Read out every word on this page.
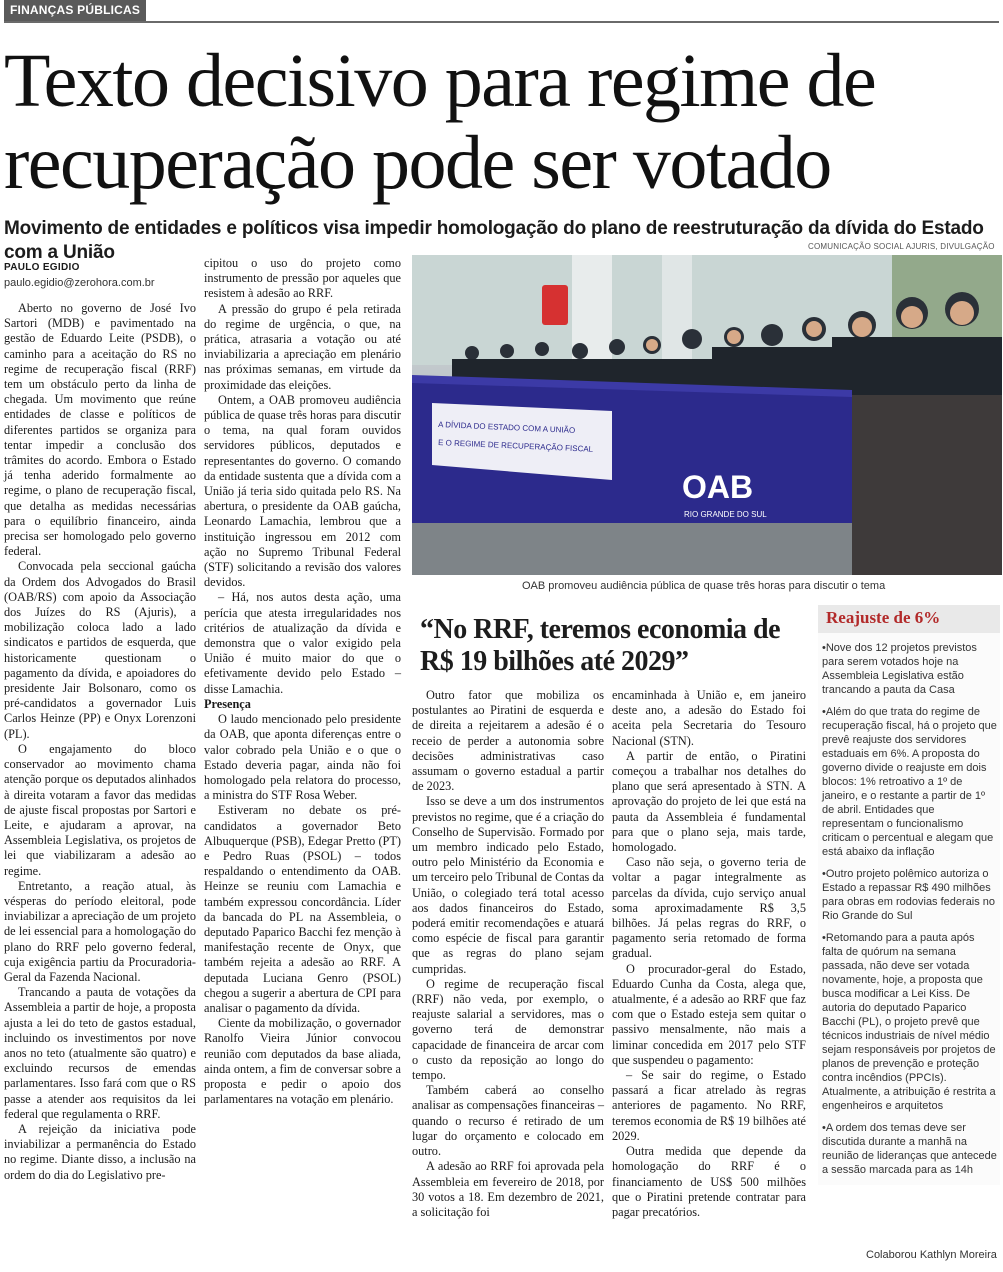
FINANÇAS PÚBLICAS
Texto decisivo para regime de recuperação pode ser votado
Movimento de entidades e políticos visa impedir homologação do plano de reestruturação da dívida do Estado com a União
PAULO EGIDIO
paulo.egidio@zerohora.com.br

Aberto no governo de José Ivo Sartori (MDB) e pavimentado na gestão de Eduardo Leite (PSDB), o caminho para a aceitação do RS no regime de recuperação fiscal (RRF) tem um obstáculo perto da linha de chegada. Um movimento que reúne entidades de classe e políticos de diferentes partidos se organiza para tentar impedir a conclusão dos trâmites do acordo. Embora o Estado já tenha aderido formalmente ao regime, o plano de recuperação fiscal, que detalha as medidas necessárias para o equilíbrio financeiro, ainda precisa ser homologado pelo governo federal.

Convocada pela seccional gaúcha da Ordem dos Advogados do Brasil (OAB/RS) com apoio da Associação dos Juízes do RS (Ajuris), a mobilização coloca lado a lado sindicatos e partidos de esquerda, que historicamente questionam o pagamento da dívida, e apoiadores do presidente Jair Bolsonaro, como os pré-candidatos a governador Luis Carlos Heinze (PP) e Onyx Lorenzoni (PL).

O engajamento do bloco conservador ao movimento chama atenção porque os deputados alinhados à direita votaram a favor das medidas de ajuste fiscal propostas por Sartori e Leite, e ajudaram a aprovar, na Assembleia Legislativa, os projetos de lei que viabilizaram a adesão ao regime.

Entretanto, a reação atual, às vésperas do período eleitoral, pode inviabilizar a apreciação de um projeto de lei essencial para a homologação do plano do RRF pelo governo federal, cuja exigência partiu da Procuradoria-Geral da Fazenda Nacional.

Trancando a pauta de votações da Assembleia a partir de hoje, a proposta ajusta a lei do teto de gastos estadual, incluindo os investimentos por nove anos no teto (atualmente são quatro) e excluindo recursos de emendas parlamentares. Isso fará com que o RS passe a atender aos requisitos da lei federal que regulamenta o RRF.

A rejeição da iniciativa pode inviabilizar a permanência do Estado no regime. Diante disso, a inclusão na ordem do dia do Legislativo pre-

cipitou o uso do projeto como instrumento de pressão por aqueles que resistem à adesão ao RRF.

A pressão do grupo é pela retirada do regime de urgência, o que, na prática, atrasaria a votação ou até inviabilizaria a apreciação em plenário nas próximas semanas, em virtude da proximidade das eleições.

Ontem, a OAB promoveu audiência pública de quase três horas para discutir o tema, na qual foram ouvidos servidores públicos, deputados e representantes do governo. O comando da entidade sustenta que a dívida com a União já teria sido quitada pelo RS. Na abertura, o presidente da OAB gaúcha, Leonardo Lamachia, lembrou que a instituição ingressou em 2012 com ação no Supremo Tribunal Federal (STF) solicitando a revisão dos valores devidos.

– Há, nos autos desta ação, uma perícia que atesta irregularidades nos critérios de atualização da dívida e demonstra que o valor exigido pela União é muito maior do que o efetivamente devido pelo Estado – disse Lamachia.

Presença

O laudo mencionado pelo presidente da OAB, que aponta diferenças entre o valor cobrado pela União e o que o Estado deveria pagar, ainda não foi homologado pela relatora do processo, a ministra do STF Rosa Weber.

Estiveram no debate os pré-candidatos a governador Beto Albuquerque (PSB), Edegar Pretto (PT) e Pedro Ruas (PSOL) – todos respaldando o entendimento da OAB. Heinze se reuniu com Lamachia e também expressou concordância. Líder da bancada do PL na Assembleia, o deputado Paparico Bacchi fez menção à manifestação recente de Onyx, que também rejeita a adesão ao RRF. A deputada Luciana Genro (PSOL) chegou a sugerir a abertura de CPI para analisar o pagamento da dívida.

Ciente da mobilização, o governador Ranolfo Vieira Júnior convocou reunião com deputados da base aliada, ainda ontem, a fim de conversar sobre a proposta e pedir o apoio dos parlamentares na votação em plenário.

COMUNICAÇÃO SOCIAL AJURIS, DIVULGAÇÃO
A DÍVIDA DO ESTADO COM A UNIÃO
E O REGIME DE RECUPERAÇÃO FISCAL
OAB
RIO GRANDE DO SUL
OAB promoveu audiência pública de quase três horas para discutir o tema
“No RRF, teremos economia de R$ 19 bilhões até 2029”

Outro fator que mobiliza os postulantes ao Piratini de esquerda e de direita a rejeitarem a adesão é o receio de perder a autonomia sobre decisões administrativas caso assumam o governo estadual a partir de 2023.

Isso se deve a um dos instrumentos previstos no regime, que é a criação do Conselho de Supervisão. Formado por um membro indicado pelo Estado, outro pelo Ministério da Economia e um terceiro pelo Tribunal de Contas da União, o colegiado terá total acesso aos dados financeiros do Estado, poderá emitir recomendações e atuará como espécie de fiscal para garantir que as regras do plano sejam cumpridas.

O regime de recuperação fiscal (RRF) não veda, por exemplo, o reajuste salarial a servidores, mas o governo terá de demonstrar capacidade de financeira de arcar com o custo da reposição ao longo do tempo.

Também caberá ao conselho analisar as compensações financeiras – quando o recurso é retirado de um lugar do orçamento e colocado em outro.

A adesão ao RRF foi aprovada pela Assembleia em fevereiro de 2018, por 30 votos a 18. Em dezembro de 2021, a solicitação foi

encaminhada à União e, em janeiro deste ano, a adesão do Estado foi aceita pela Secretaria do Tesouro Nacional (STN).

A partir de então, o Piratini começou a trabalhar nos detalhes do plano que será apresentado à STN. A aprovação do projeto de lei que está na pauta da Assembleia é fundamental para que o plano seja, mais tarde, homologado.

Caso não seja, o governo teria de voltar a pagar integralmente as parcelas da dívida, cujo serviço anual soma aproximadamente R$ 3,5 bilhões. Já pelas regras do RRF, o pagamento seria retomado de forma gradual.

O procurador-geral do Estado, Eduardo Cunha da Costa, alega que, atualmente, é a adesão ao RRF que faz com que o Estado esteja sem quitar o passivo mensalmente, não mais a liminar concedida em 2017 pelo STF que suspendeu o pagamento:

– Se sair do regime, o Estado passará a ficar atrelado às regras anteriores de pagamento. No RRF, teremos economia de R$ 19 bilhões até 2029.

Outra medida que depende da homologação do RRF é o financiamento de US$ 500 milhões que o Piratini pretende contratar para pagar precatórios.

Reajuste de 6%
• Nove dos 12 projetos previstos para serem votados hoje na Assembleia Legislativa estão trancando a pauta da Casa
• Além do que trata do regime de recuperação fiscal, há o projeto que prevê reajuste dos servidores estaduais em 6%. A proposta do governo divide o reajuste em dois blocos: 1% retroativo a 1º de janeiro, e o restante a partir de 1º de abril. Entidades que representam o funcionalismo criticam o percentual e alegam que está abaixo da inflação
• Outro projeto polêmico autoriza o Estado a repassar R$ 490 milhões para obras em rodovias federais no Rio Grande do Sul
• Retomando para a pauta após falta de quórum na semana passada, não deve ser votada novamente, hoje, a proposta que busca modificar a Lei Kiss. De autoria do deputado Paparico Bacchi (PL), o projeto prevê que técnicos industriais de nível médio sejam responsáveis por projetos de planos de prevenção e proteção contra incêndios (PPCIs). Atualmente, a atribuição é restrita a engenheiros e arquitetos
• A ordem dos temas deve ser discutida durante a manhã na reunião de lideranças que antecede a sessão marcada para as 14h
Colaborou Kathlyn Moreira
